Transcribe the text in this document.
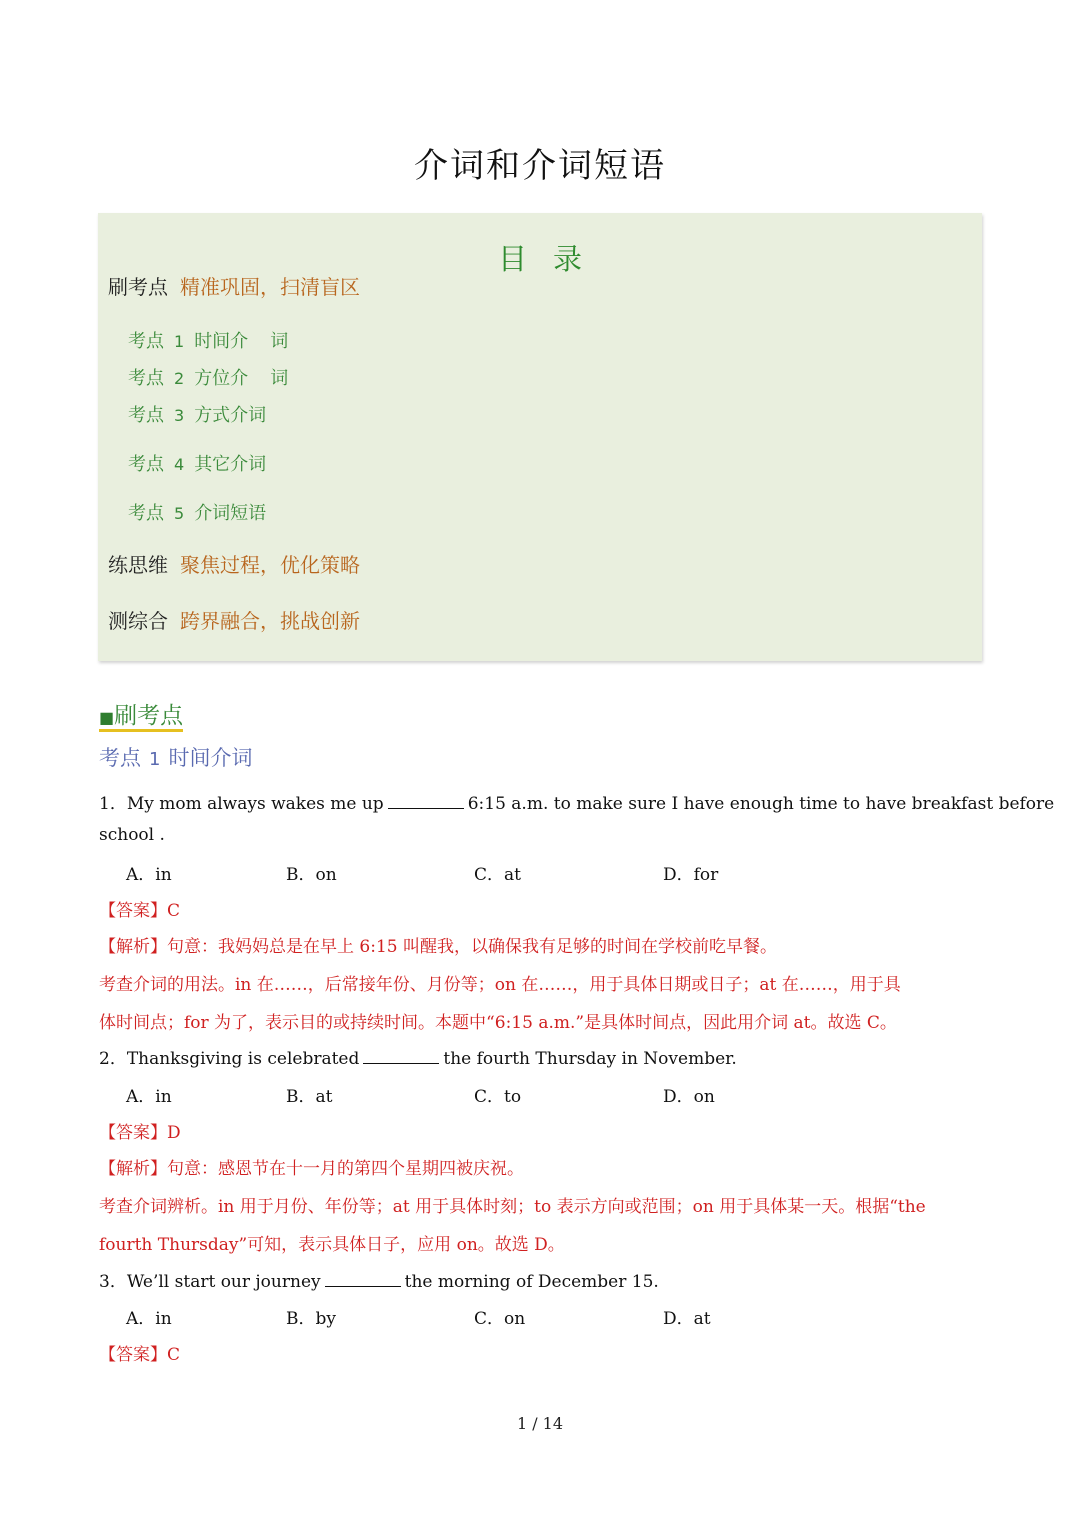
介词和介词短语
目录
刷考点 精准巩固，扫清盲区
考点 1 时间介 词
考点 2 方位介 词
考点 3 方式介词
考点 4 其它介词
考点 5 介词短语
练思维 聚焦过程，优化策略
测综合 跨界融合，挑战创新
■刷考点
考点 1 时间介词
1．My mom always wakes me up	6:15 a.m. to make sure I have enough time to have breakfast before
school .
A．in	B．on	C．at	D．for
【答案】C
【解析】句意：我妈妈总是在早上 6:15 叫醒我，以确保我有足够的时间在学校前吃早餐。
考查介词的用法。in 在……，后常接年份、月份等；on 在……，用于具体日期或日子；at 在……，用于具
体时间点；for 为了，表示目的或持续时间。本题中“6:15 a.m.”是具体时间点，因此用介词 at。故选 C。
2．Thanksgiving is celebrated	the fourth Thursday in November.
A．in	B．at	C．to	D．on
【答案】D
【解析】句意：感恩节在十一月的第四个星期四被庆祝。
考查介词辨析。in 用于月份、年份等；at 用于具体时刻；to 表示方向或范围；on 用于具体某一天。根据“the
fourth Thursday”可知，表示具体日子，应用 on。故选 D。
3．We’ll start our journey	the morning of December 15.
A．in	B．by	C．on	D．at
【答案】C
1 / 14
